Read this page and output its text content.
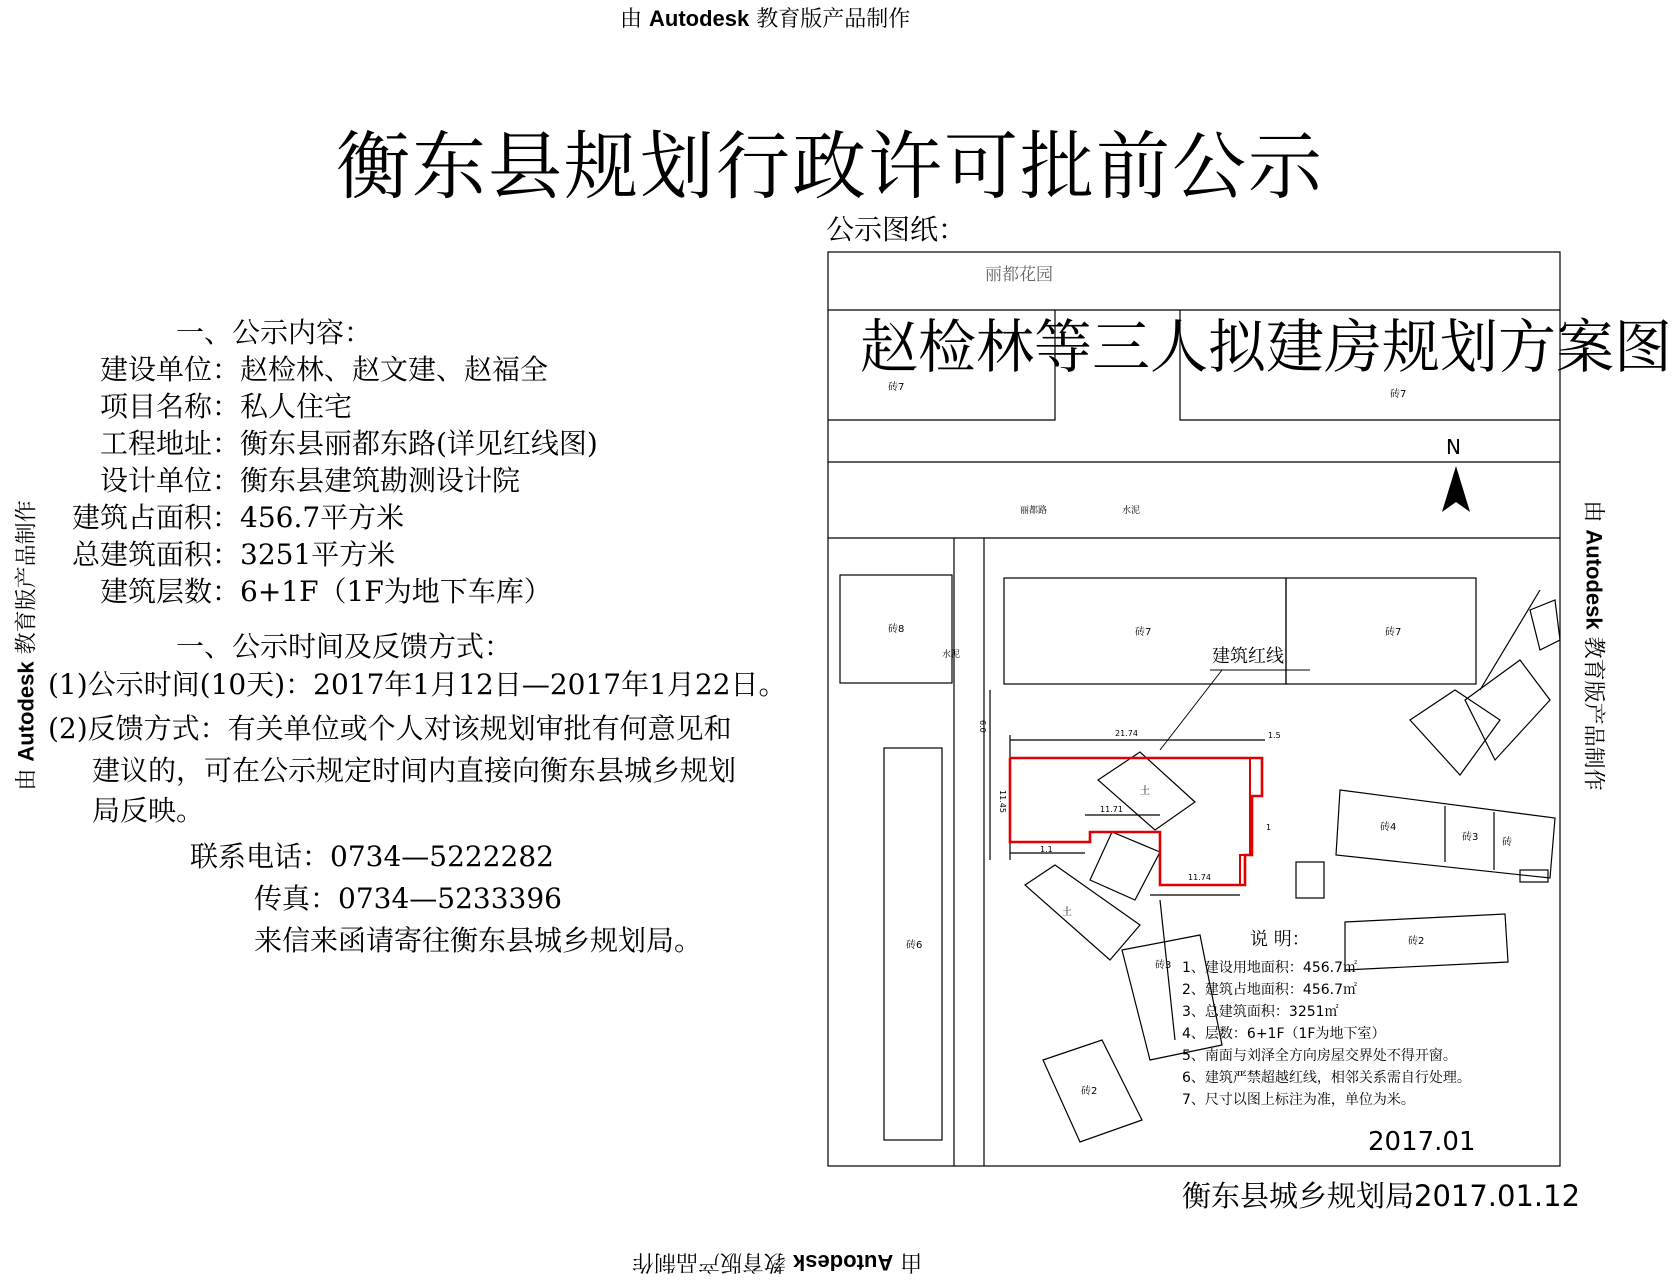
由 Autodesk 教育版产品制作
由 Autodesk 教育版产品制作
由 Autodesk 教育版产品制作	由 Autodesk 教育版产品制作
衡东县规划行政许可批前公示
公示图纸：
一、公示内容：
建设单位：赵检林、赵文建、赵福全
项目名称：私人住宅
工程地址：衡东县丽都东路(详见红线图)
设计单位：衡东县建筑勘测设计院
建筑占面积：456.7平方米
总建筑面积：3251平方米
建筑层数：6+1F（1F为地下车库）
一、公示时间及反馈方式：
(1)公示时间(10天)：2017年1月12日—2017年1月22日。
(2)反馈方式：有关单位或个人对该规划审批有何意见和
建议的，可在公示规定时间内直接向衡东县城乡规划
局反映。
联系电话：0734—5222282
传真：0734—5233396
来信来函请寄往衡东县城乡规划局。
丽都花园
N
丽都路	水泥
水泥	建筑红线
砖7
砖7
砖7	砖7
砖8
砖6
砖4
砖3
砖3
砖2
砖2
土
土
砖
21.74	1.5
6.0
11.45	11.71
11.74
1.1
1
说 明：
1、建设用地面积：456.7㎡
2、建筑占地面积：456.7㎡
3、总建筑面积：3251㎡
4、层数：6+1F（1F为地下室）
5、南面与刘泽全方向房屋交界处不得开窗。
6、建筑严禁超越红线，相邻关系需自行处理。
7、尺寸以图上标注为准，单位为米。
2017.01
赵检林等三人拟建房规划方案图
衡东县城乡规划局2017.01.12
